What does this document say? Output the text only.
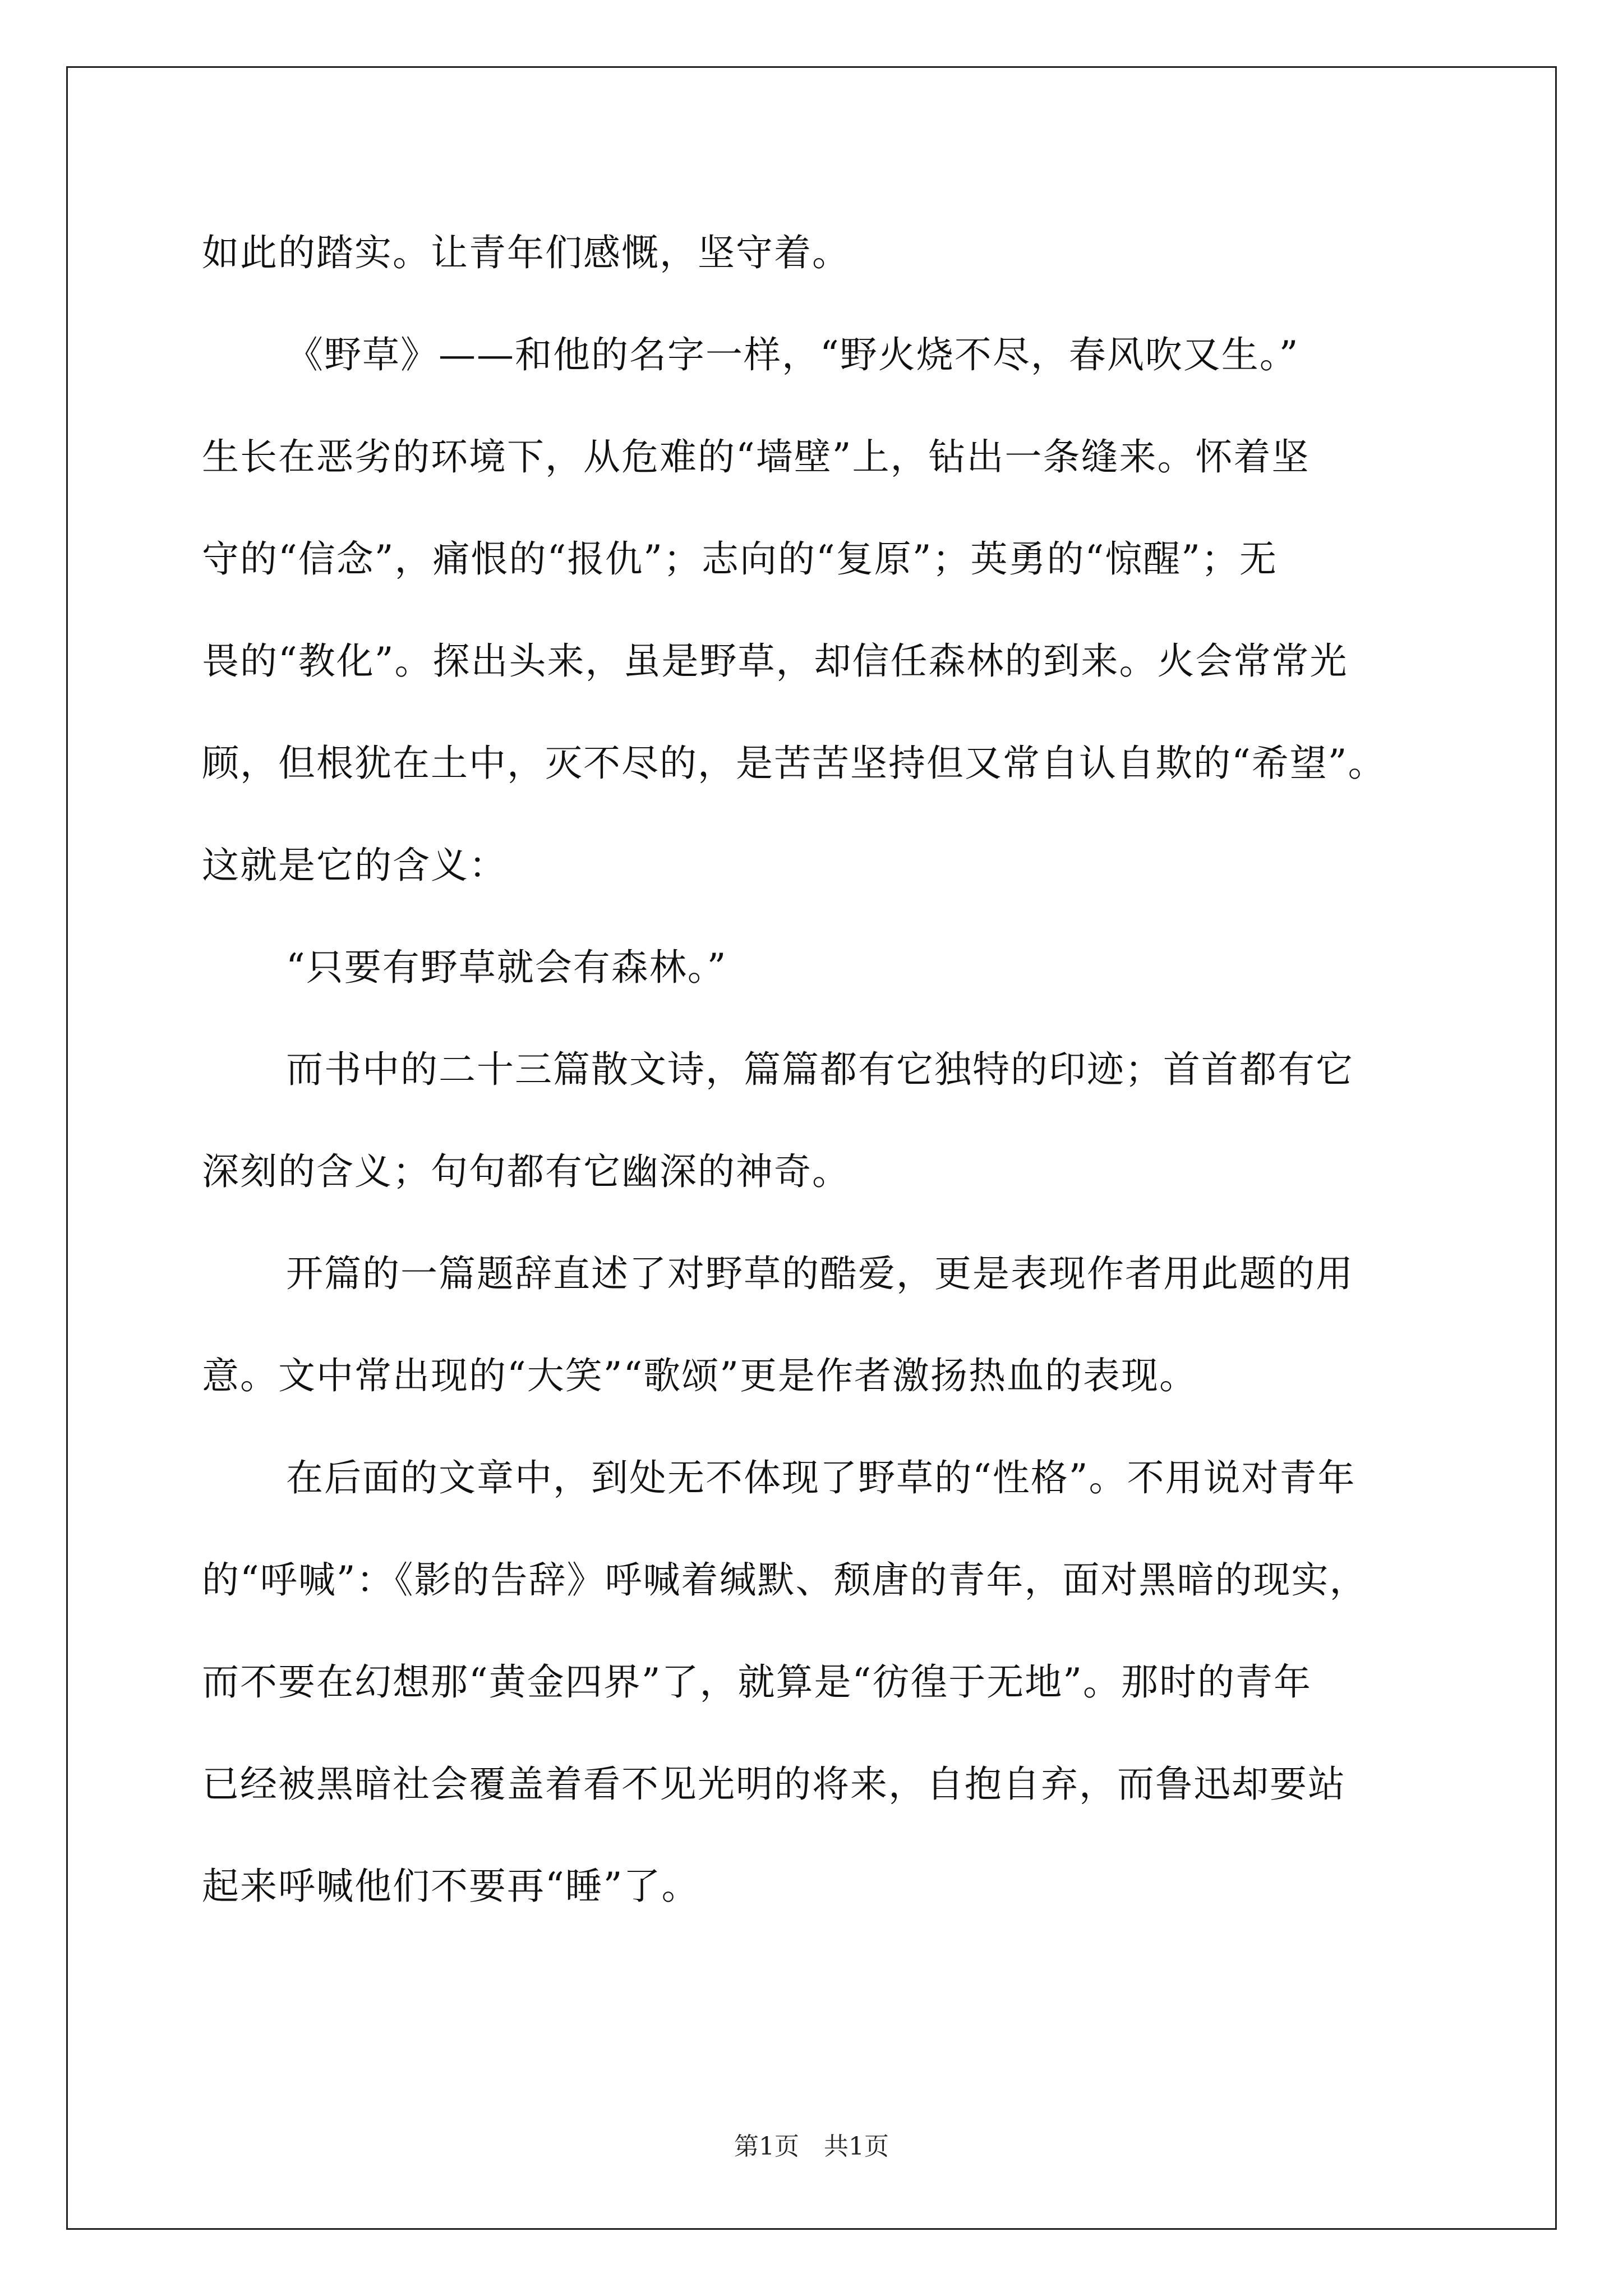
如此的踏实。让青年们感慨，坚守着。

《野草》——和他的名字一样，“野火烧不尽，春风吹又生。”

生长在恶劣的环境下，从危难的“墙壁”上，钻出一条缝来。怀着坚

守的“信念”，痛恨的“报仇”；志向的“复原”；英勇的“惊醒”；无

畏的“教化”。探出头来，虽是野草，却信任森林的到来。火会常常光

顾，但根犹在土中，灭不尽的，是苦苦坚持但又常自认自欺的“希望”。

这就是它的含义：

“只要有野草就会有森林。”

而书中的二十三篇散文诗，篇篇都有它独特的印迹；首首都有它

深刻的含义；句句都有它幽深的神奇。

开篇的一篇题辞直述了对野草的酷爱，更是表现作者用此题的用

意。文中常出现的“大笑”“歌颂”更是作者激扬热血的表现。

在后面的文章中，到处无不体现了野草的“性格”。不用说对青年

的“呼喊”：《影的告辞》呼喊着缄默、颓唐的青年，面对黑暗的现实，

而不要在幻想那“黄金四界”了，就算是“彷徨于无地”。那时的青年

已经被黑暗社会覆盖着看不见光明的将来，自抱自弃，而鲁迅却要站

起来呼喊他们不要再“睡”了。

第1页　共1页
